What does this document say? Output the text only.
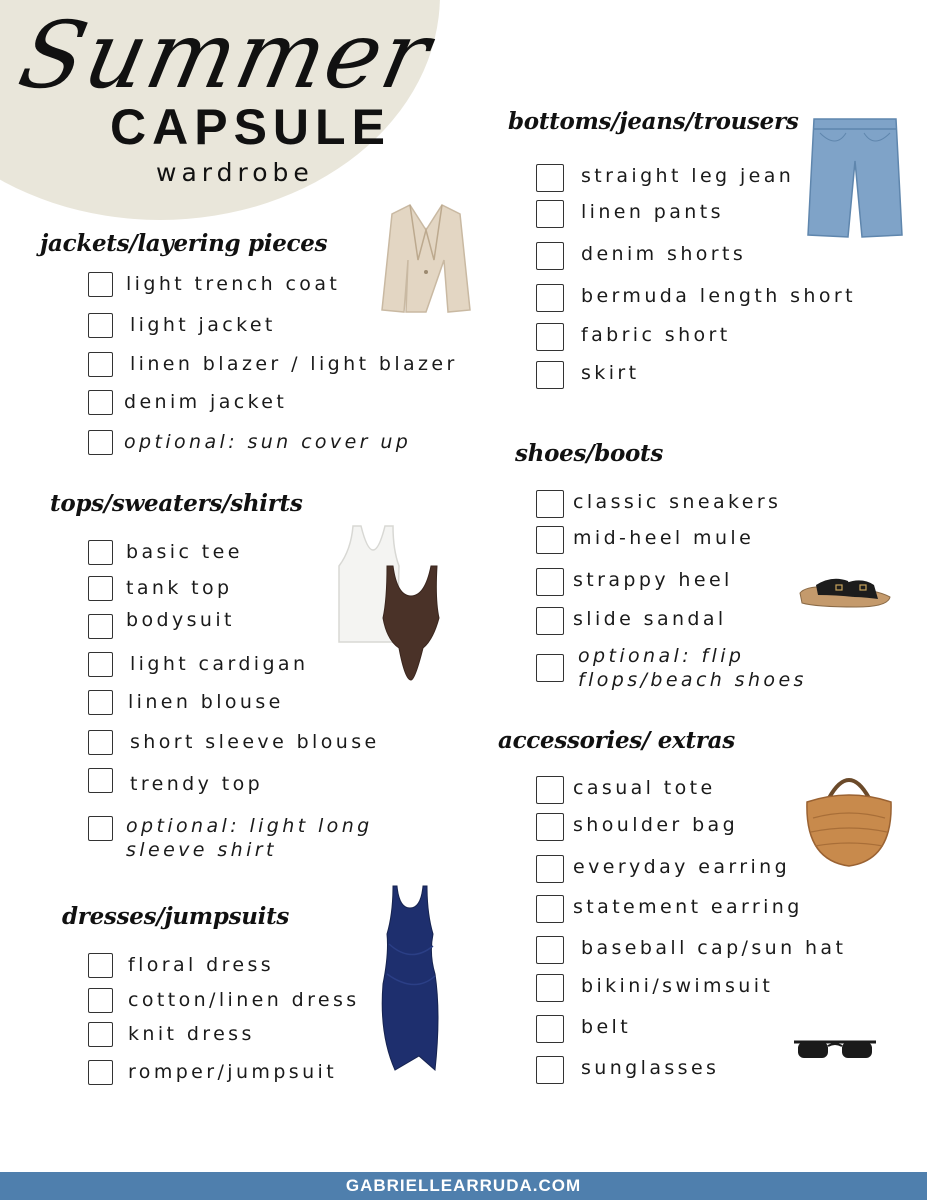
Summer
CAPSULE
wardrobe
jackets/layering pieces
light trench coat
light jacket
linen blazer / light blazer
denim jacket
optional: sun cover up
tops/sweaters/shirts
basic tee
tank top
bodysuit
light cardigan
linen blouse
short sleeve blouse
trendy top
optional: light long sleeve shirt
dresses/jumpsuits
floral dress
cotton/linen dress
knit dress
romper/jumpsuit
bottoms/jeans/trousers
straight leg jean
linen pants
denim shorts
bermuda length short
fabric short
skirt
shoes/boots
classic sneakers
mid-heel mule
strappy heel
slide sandal
optional: flip flops/beach shoes
accessories/ extras
casual tote
shoulder bag
everyday earring
statement earring
baseball cap/sun hat
bikini/swimsuit
belt
sunglasses
GABRIELLEARRUDA.COM
